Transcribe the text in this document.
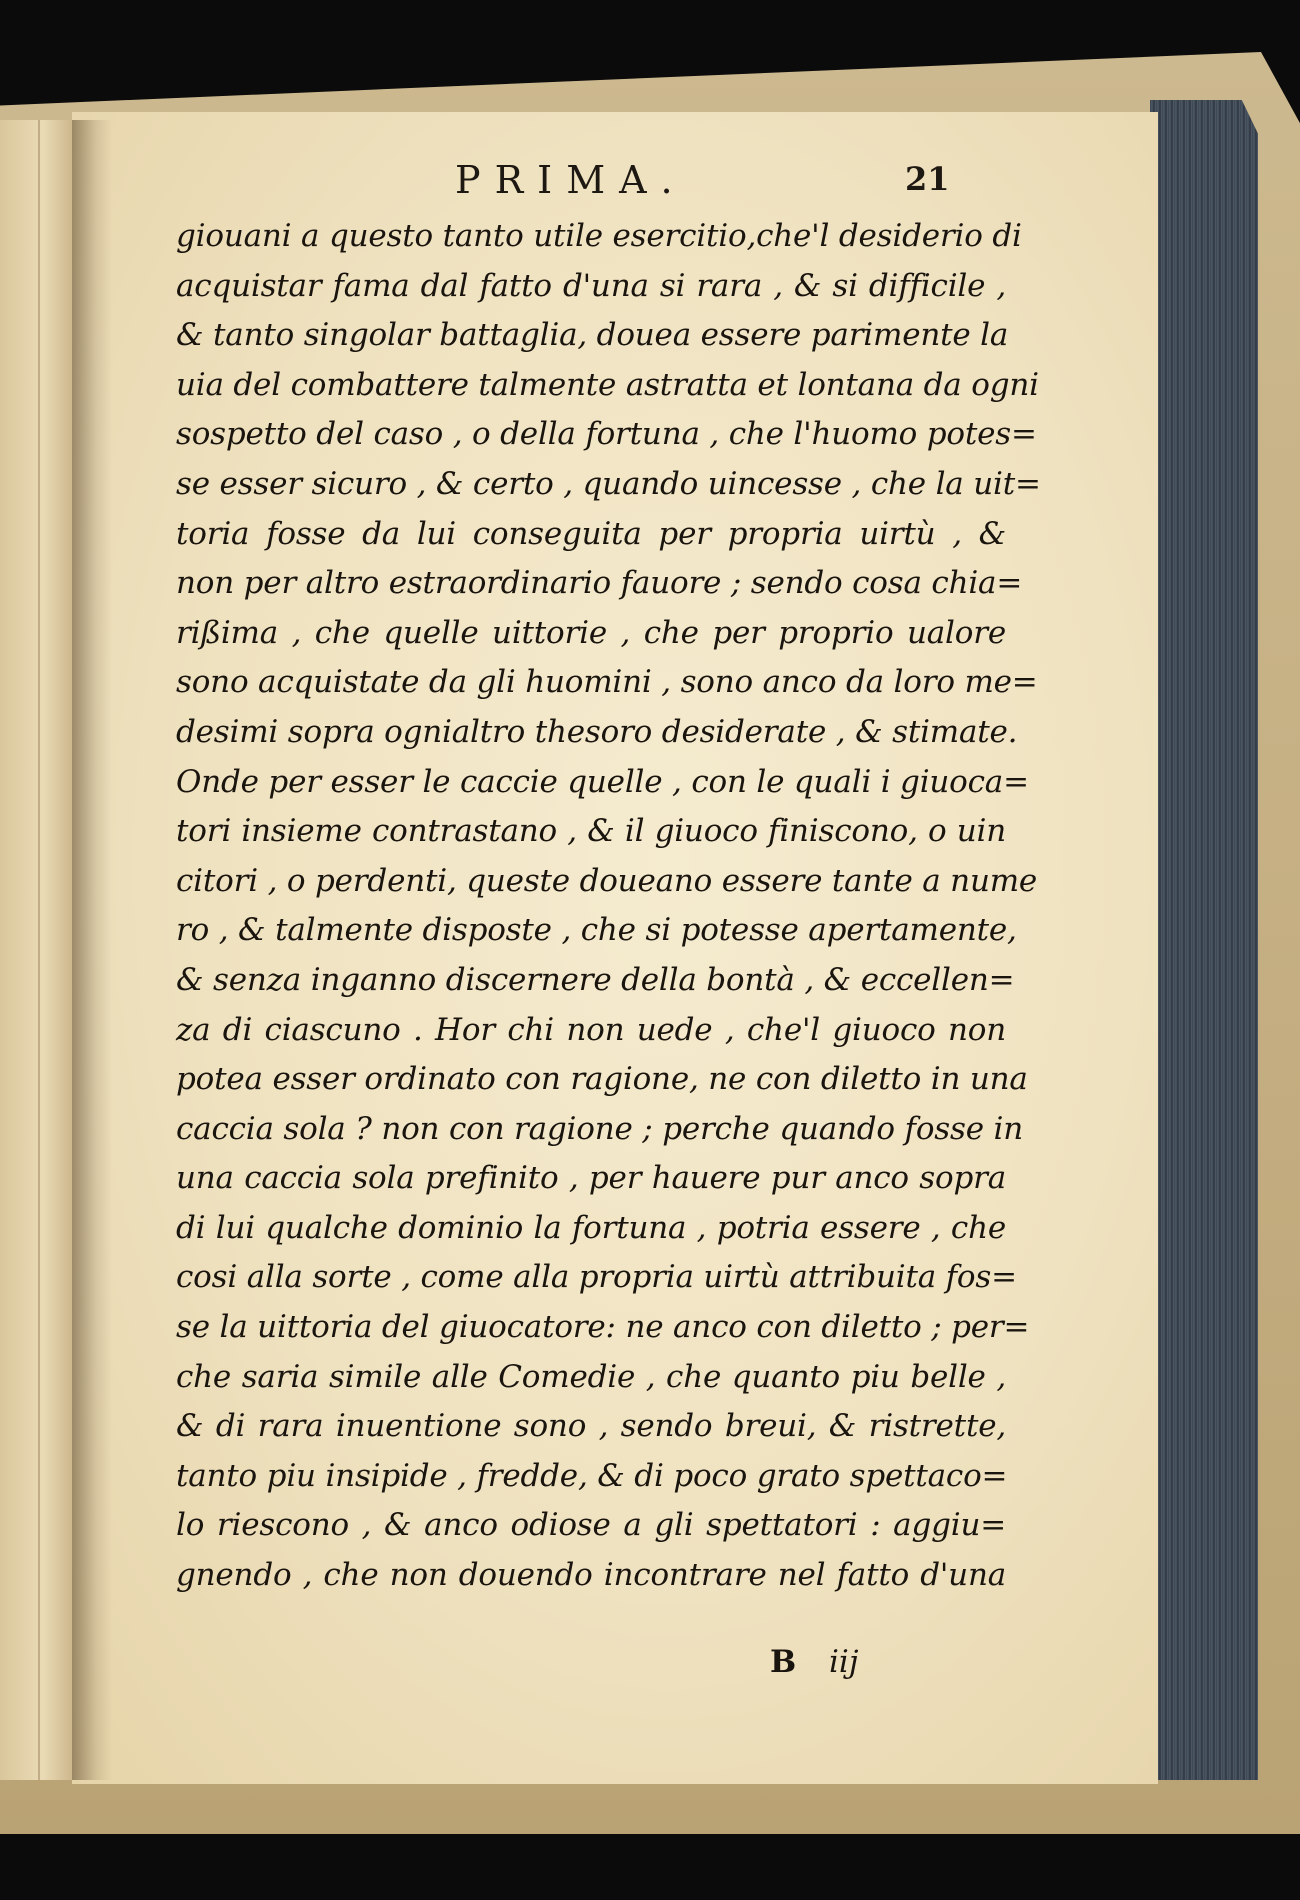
PRIMA.	21
giouani a questo tanto utile esercitio,che'l desiderio di
acquistar fama dal fatto d'una si rara , & si difficile ,
& tanto singolar battaglia, douea essere parimente la
uia del combattere talmente astratta et lontana da ogni
sospetto del caso , o della fortuna , che l'huomo potes=
se esser sicuro , & certo , quando uincesse , che la uit=
toria fosse da lui conseguita per propria uirtù , &
non per altro estraordinario fauore ; sendo cosa chia=
rißima , che quelle uittorie , che per proprio ualore
sono acquistate da gli huomini , sono anco da loro me=
desimi sopra ognialtro thesoro desiderate , & stimate.
Onde per esser le caccie quelle , con le quali i giuoca=
tori insieme contrastano , & il giuoco finiscono, o uin
citori , o perdenti, queste doueano essere tante a nume
ro , & talmente disposte , che si potesse apertamente,
& senza inganno discernere della bontà , & eccellen=
za di ciascuno . Hor chi non uede , che'l giuoco non
potea esser ordinato con ragione, ne con diletto in una
caccia sola ? non con ragione ; perche quando fosse in
una caccia sola prefinito , per hauere pur anco sopra
di lui qualche dominio la fortuna , potria essere , che
cosi alla sorte , come alla propria uirtù attribuita fos=
se la uittoria del giuocatore: ne anco con diletto ; per=
che saria simile alle Comedie , che quanto piu belle ,
& di rara inuentione sono , sendo breui, & ristrette,
tanto piu insipide , fredde, & di poco grato spettaco=
lo riescono , & anco odiose a gli spettatori : aggiu=
gnendo , che non douendo incontrare nel fatto d'una
B iij
